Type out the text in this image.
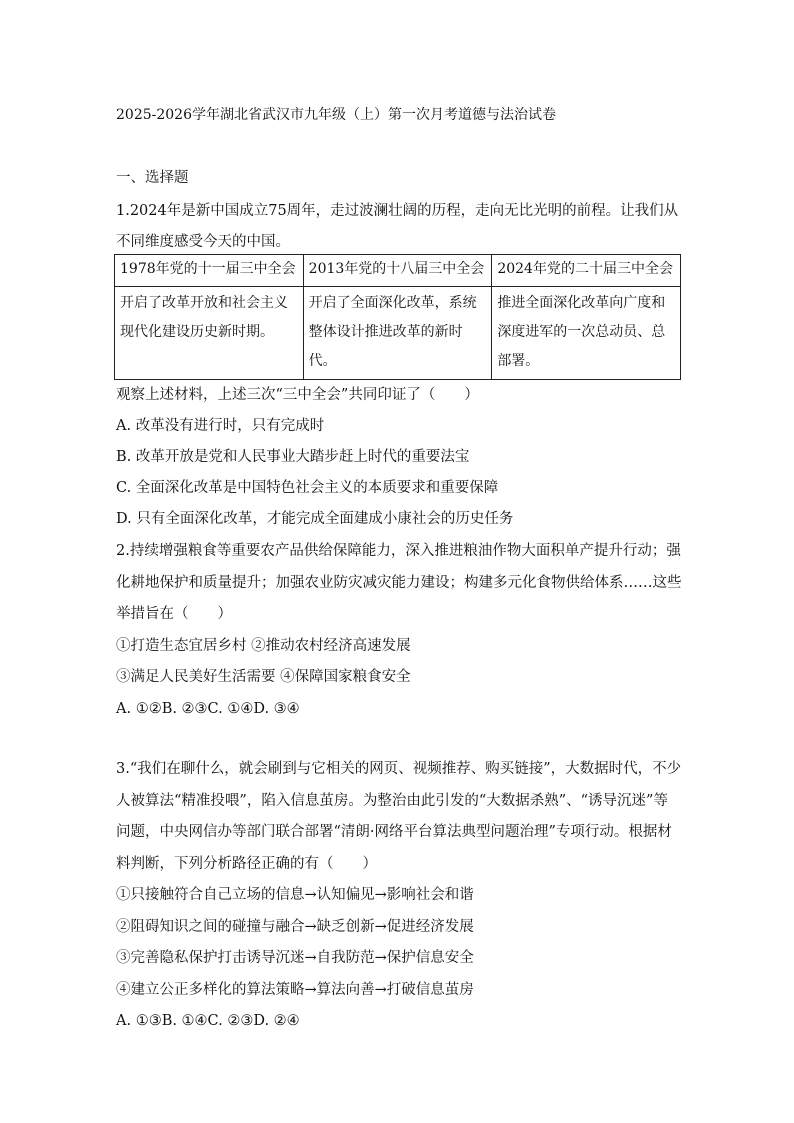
2025-2026学年湖北省武汉市九年级（上）第一次月考道德与法治试卷
一、选择题
1.2024年是新中国成立75周年，走过波澜壮阔的历程，走向无比光明的前程。让我们从不同维度感受今天的中国。
1978年党的十一届三中全会	2013年党的十八届三中全会	2024年党的二十届三中全会
开启了改革开放和社会主义现代化建设历史新时期。	开启了全面深化改革，系统整体设计推进改革的新时代。	推进全面深化改革向广度和深度进军的一次总动员、总部署。
观察上述材料，上述三次“三中全会”共同印证了（　　）
A. 改革没有进行时，只有完成时
B. 改革开放是党和人民事业大踏步赶上时代的重要法宝
C. 全面深化改革是中国特色社会主义的本质要求和重要保障
D. 只有全面深化改革，才能完成全面建成小康社会的历史任务
2.持续增强粮食等重要农产品供给保障能力，深入推进粮油作物大面积单产提升行动；强化耕地保护和质量提升；加强农业防灾减灾能力建设；构建多元化食物供给体系……这些举措旨在（　　）
①打造生态宜居乡村 ②推动农村经济高速发展
③满足人民美好生活需要 ④保障国家粮食安全
A. ①②B. ②③C. ①④D. ③④
3.“我们在聊什么，就会刷到与它相关的网页、视频推荐、购买链接”，大数据时代，不少人被算法“精准投喂”，陷入信息茧房。为整治由此引发的“大数据杀熟”、“诱导沉迷”等问题，中央网信办等部门联合部署“清朗·网络平台算法典型问题治理”专项行动。根据材料判断，下列分析路径正确的有（　　）
①只接触符合自己立场的信息→认知偏见→影响社会和谐
②阻碍知识之间的碰撞与融合→缺乏创新→促进经济发展
③完善隐私保护打击诱导沉迷→自我防范→保护信息安全
④建立公正多样化的算法策略→算法向善→打破信息茧房
A. ①③B. ①④C. ②③D. ②④
